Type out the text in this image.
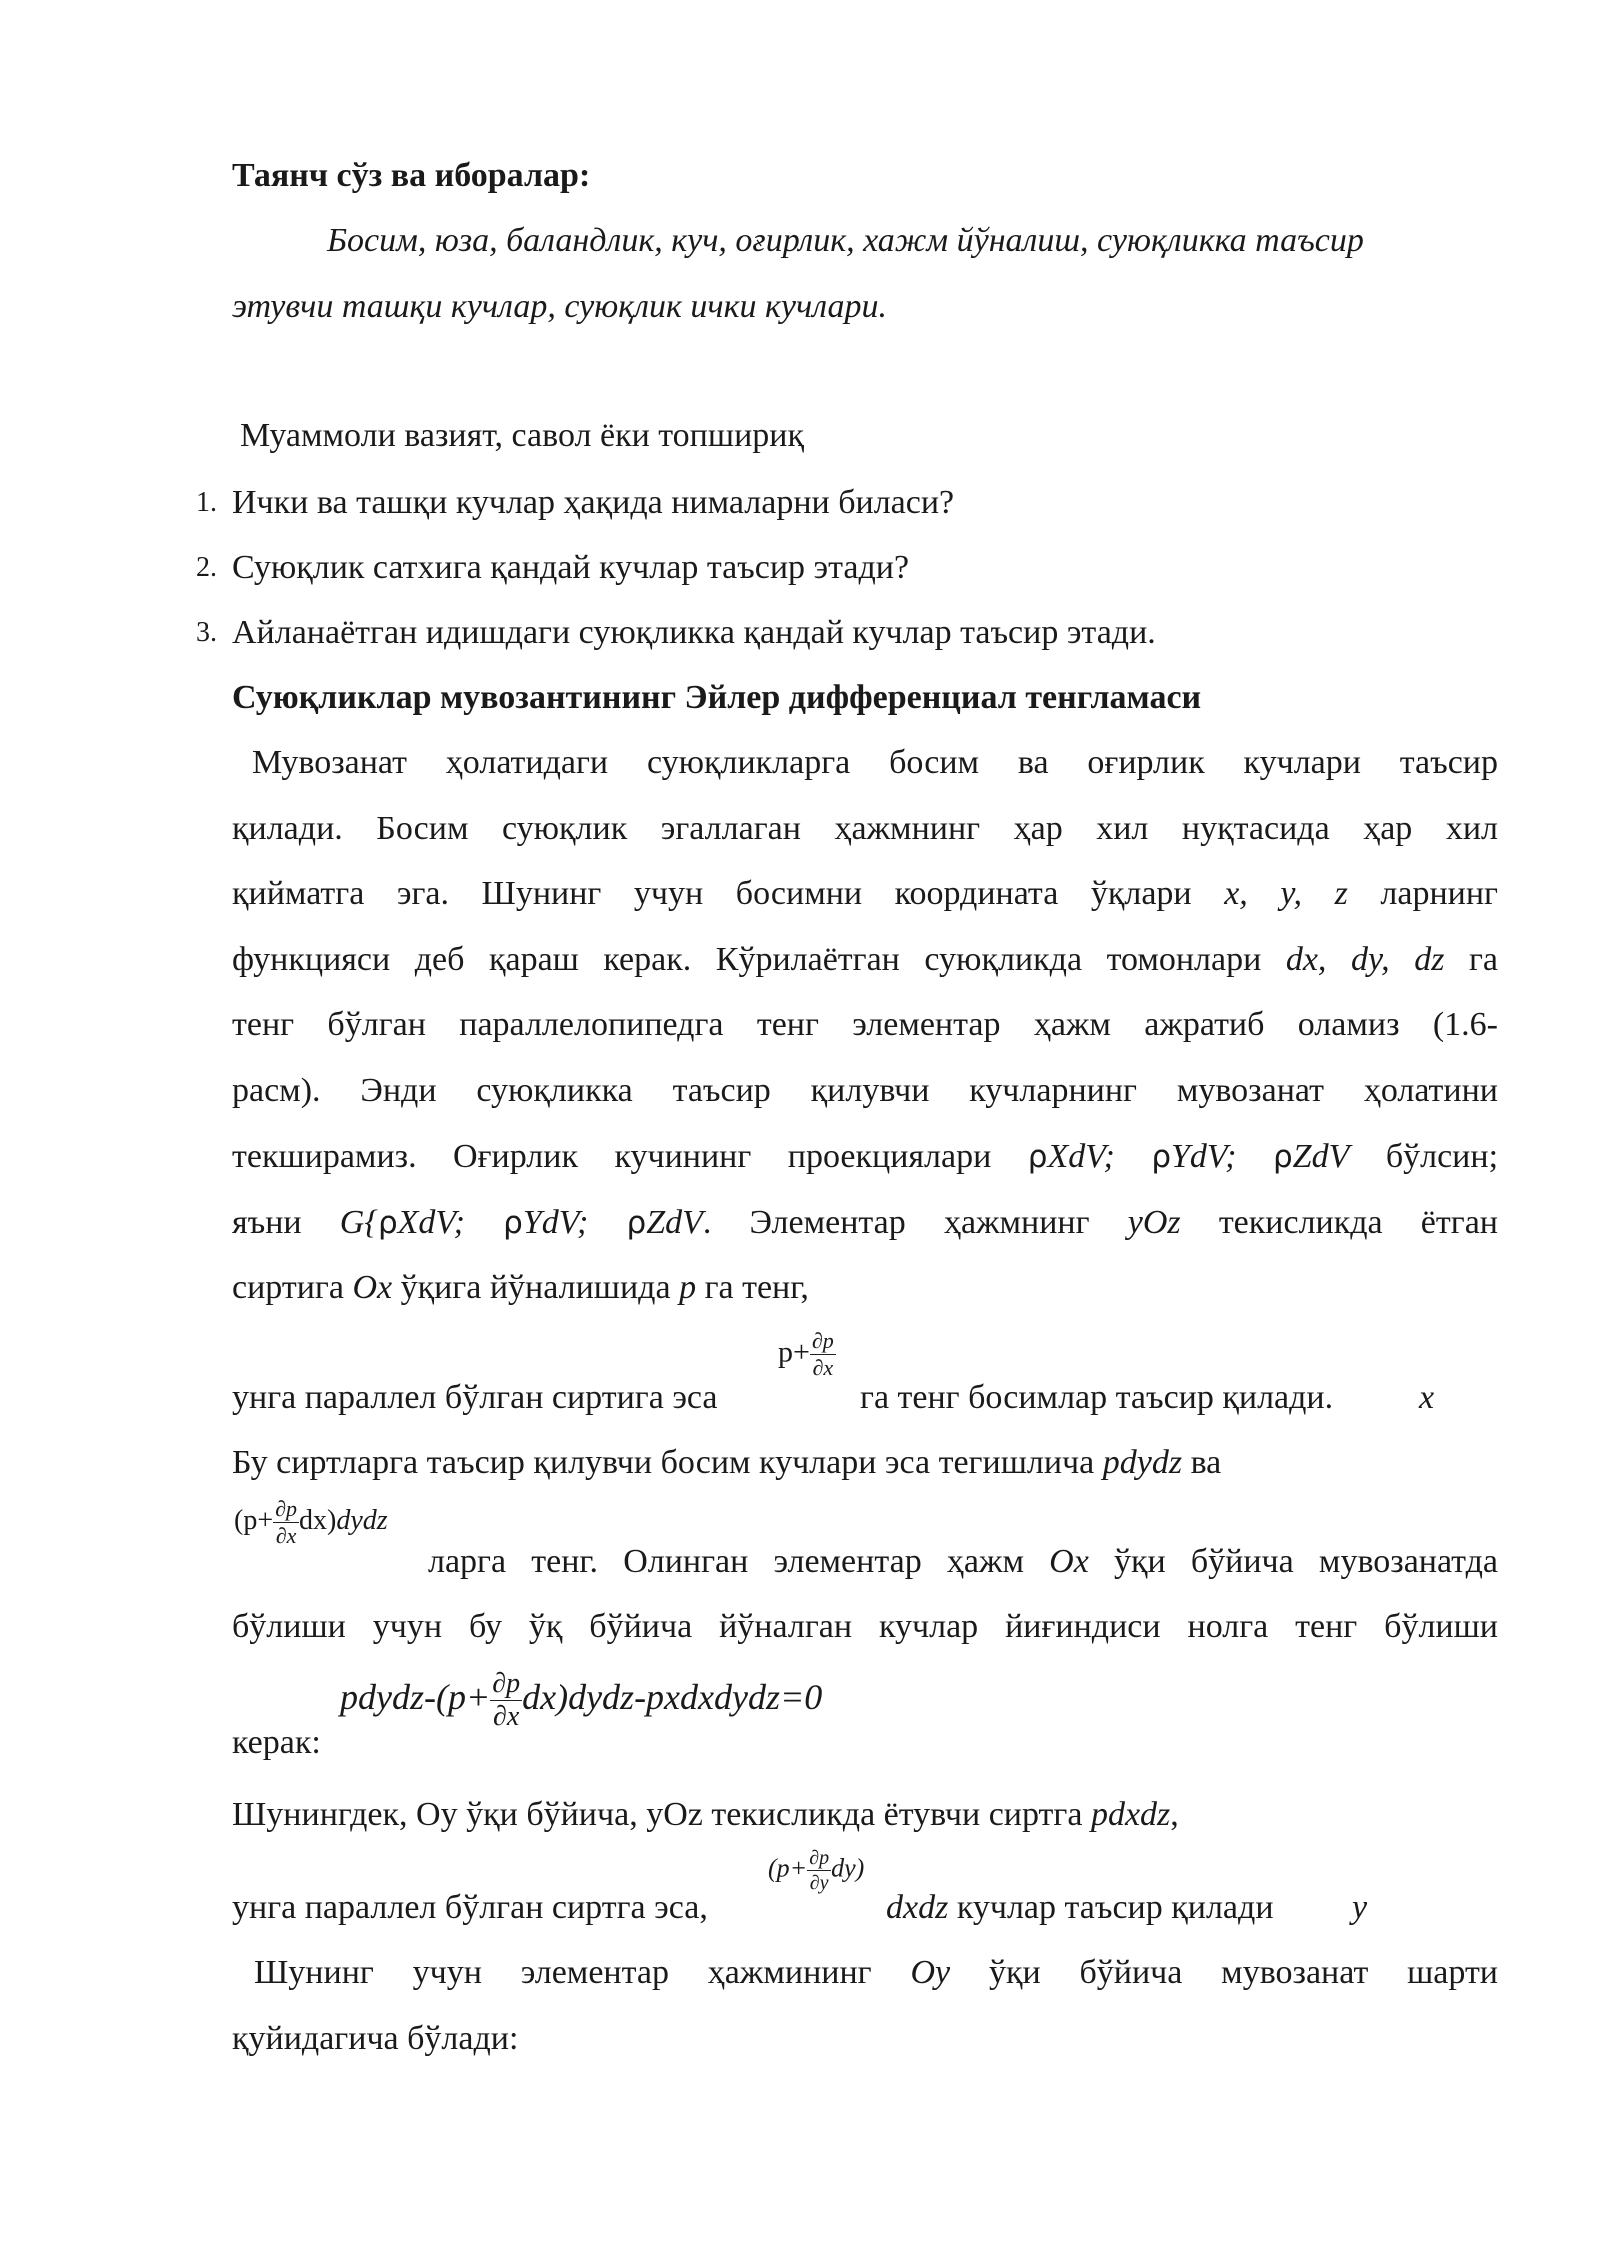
Таянч сўз ва иборалар:
Босим, юза, баландлик, куч, оғирлик, хажм йўналиш, суюқликка таъсир
этувчи ташқи кучлар, суюқлик ички кучлари.
Муаммоли вазият, савол ёки топшириқ
1. Ички ва ташқи кучлар ҳақида нималарни биласи?
2. Суюқлик сатхига қандай кучлар таъсир этади?
3. Айланаётган идишдаги суюқликка қандай кучлар таъсир этади.
Суюқликлар мувозантининг Эйлер дифференциал тенгламаси
Мувозанат ҳолатидаги суюқликларга босим ва оғирлик кучлари таъсир
қилади. Босим суюқлик эгаллаган ҳажмнинг ҳар хил нуқтасида ҳар хил
қийматга эга. Шунинг учун босимни координата ўқлари x, y, z ларнинг
функцияси деб қараш керак. Кўрилаётган суюқликда томонлари dx, dy, dz га
тенг бўлган параллелопипедга тенг элементар ҳажм ажратиб оламиз (1.6-
расм). Энди суюқликка таъсир қилувчи кучларнинг мувозанат ҳолатини
текширамиз. Оғирлик кучининг проекциялари ρXdV; ρYdV; ρZdV бўлсин;
яъни G{ρXdV; ρYdV; ρZdV. Элементар ҳажмнинг yOz текисликда ётган
сиртига Ox ўқига йўналишида p га тенг,
унга параллел бўлган сиртига эса
$p+ \frac{\partial p}{\partial x}$
га тенг босимлар таъсир қилади.	x
Бу сиртларга таъсир қилувчи босим кучлари эса тегишлича pdydz ва
($p+ \frac{\partial p}{\partial x}$ dx)dydz
ларга тенг. Олинган элементар ҳажм Ox ўқи бўйича мувозанатда
бўлиши учун бу ўқ бўйича йўналган кучлар йиғиндиси нолга тенг бўлиши
керак:
pdydz-(p+ $\frac{\partial p}{\partial x}$ dx)dydz-pxdxdydz=0
Шунингдек, Оу ўқи бўйича, уOz текисликда ётувчи сиртга pdxdz,
унга параллел бўлган сиртга эса,
$(p+ \frac{\partial p}{\partial y} dy)$
dxdz кучлар таъсир қилади	y
Шунинг учун элементар ҳажмининг Оу ўқи бўйича мувозанат шарти
қуйидагича бўлади:
